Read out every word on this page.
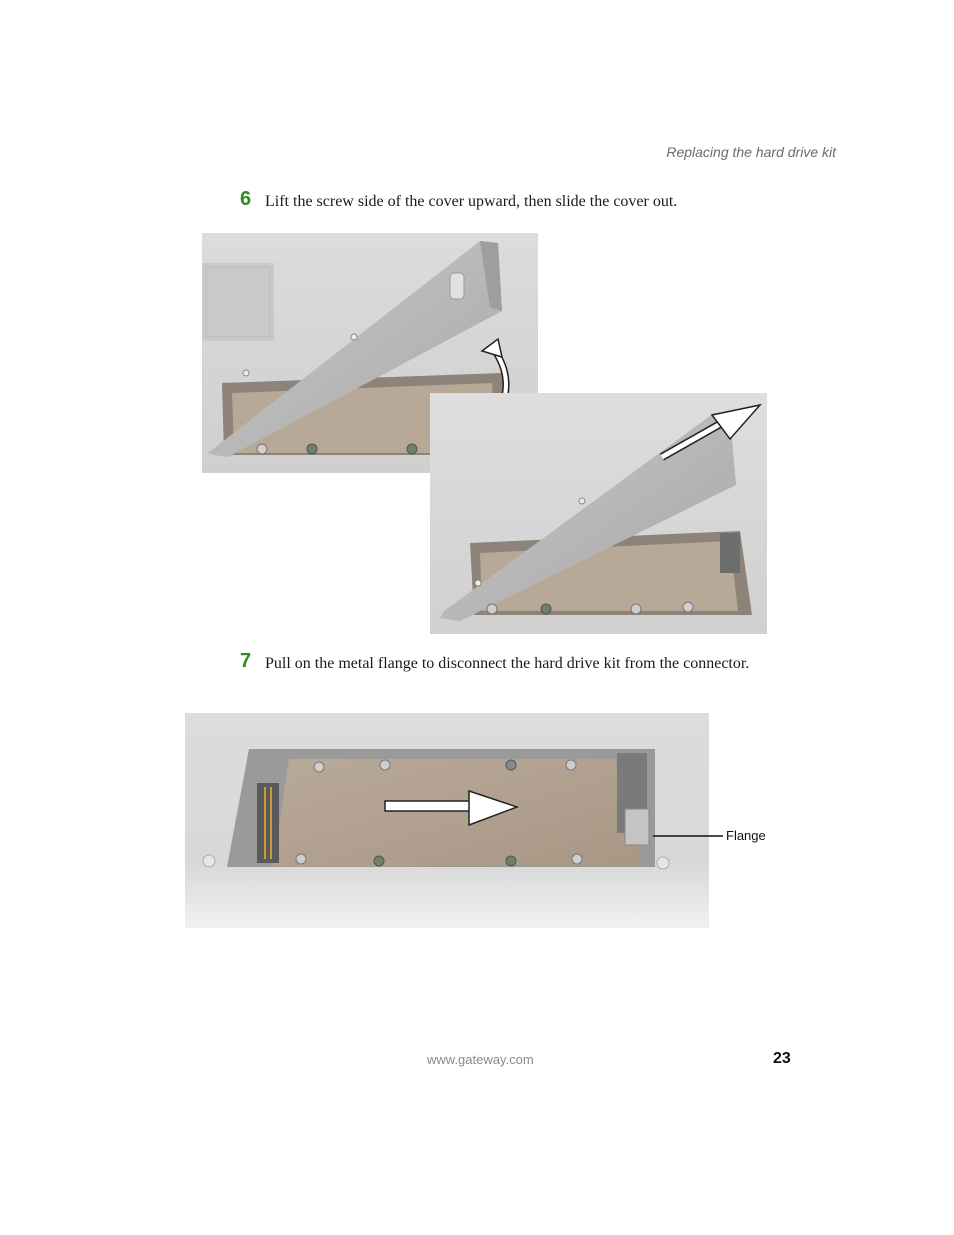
Replacing the hard drive kit
6 Lift the screw side of the cover upward, then slide the cover out.
7 Pull on the metal flange to disconnect the hard drive kit from the connector.
Flange
www.gateway.com	23
